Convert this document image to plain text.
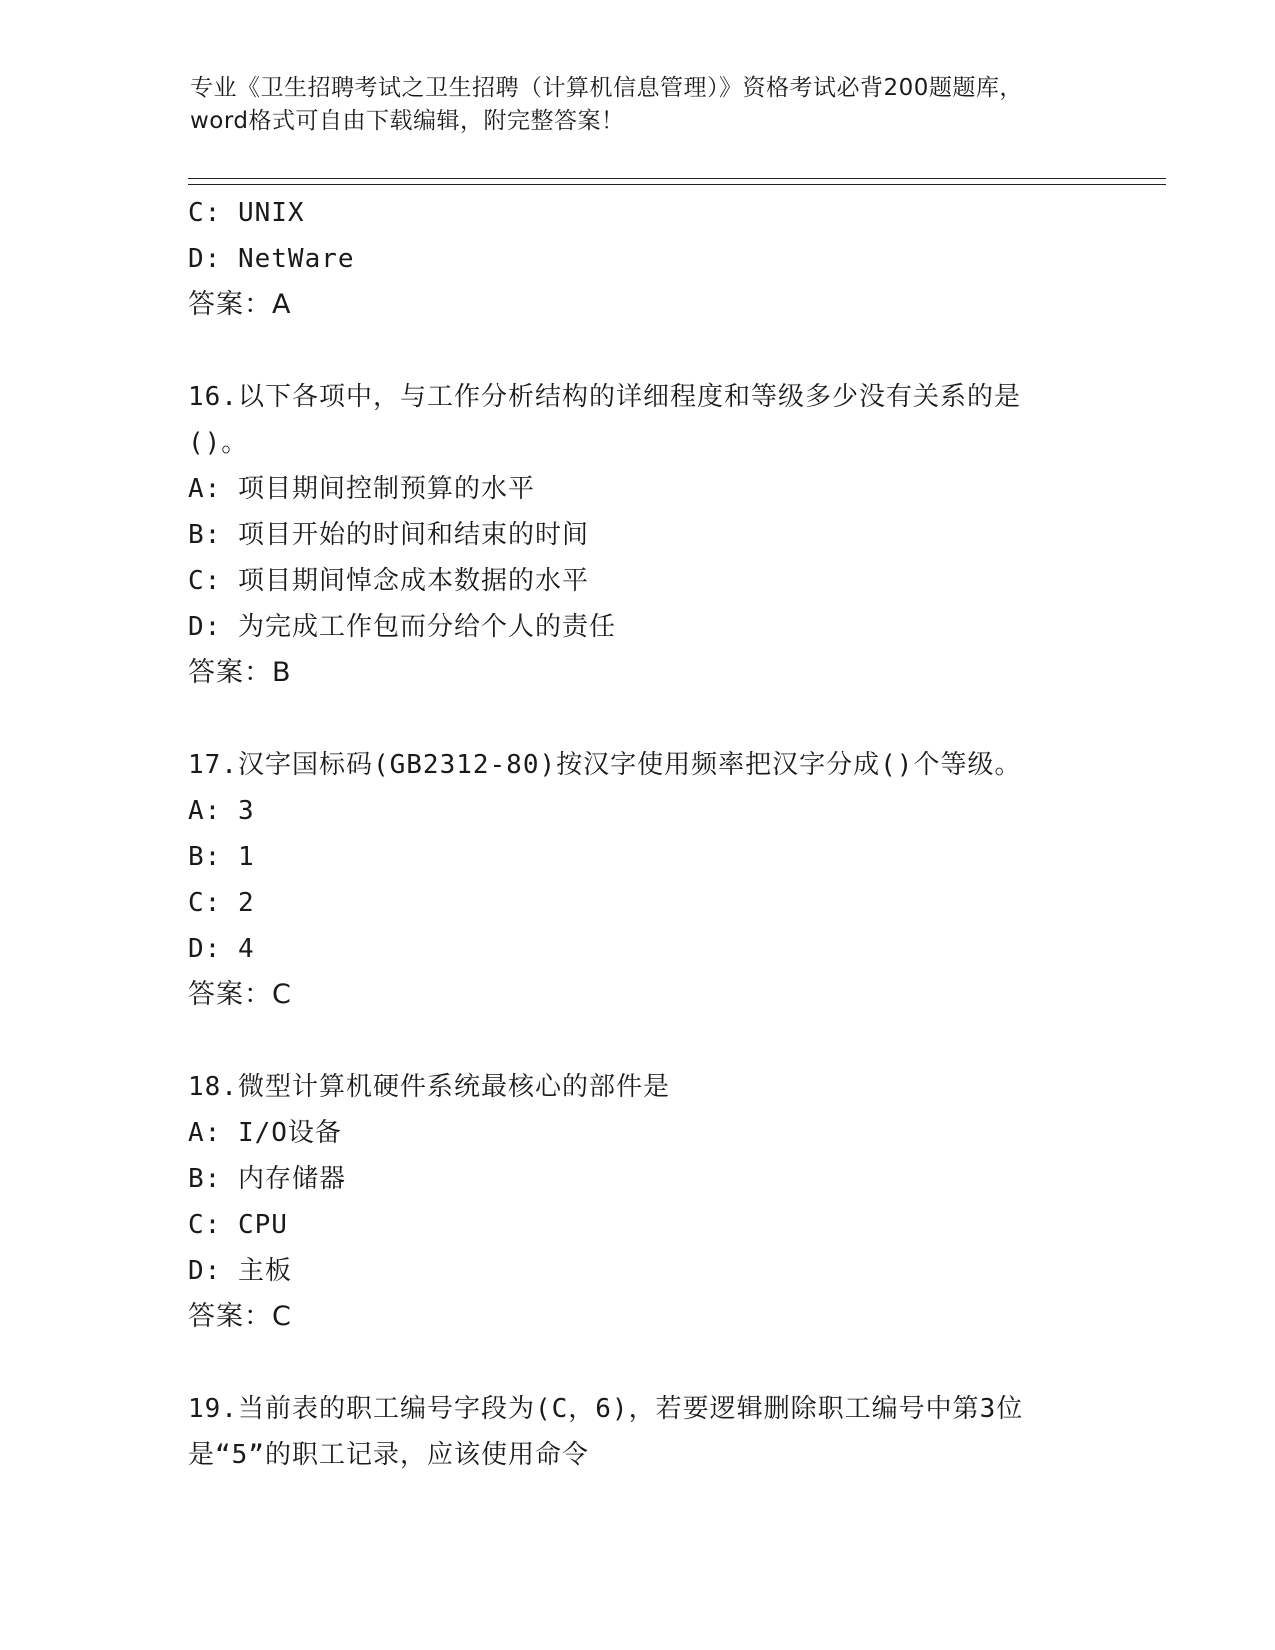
专业《卫生招聘考试之卫生招聘（计算机信息管理）》资格考试必背200题题库，
word格式可自由下载编辑，附完整答案！
C: UNIX
D: NetWare
答案：A
16.以下各项中，与工作分析结构的详细程度和等级多少没有关系的是
()。
A: 项目期间控制预算的水平
B: 项目开始的时间和结束的时间
C: 项目期间悼念成本数据的水平
D: 为完成工作包而分给个人的责任
答案：B
17.汉字国标码(GB2312-80)按汉字使用频率把汉字分成()个等级。
A: 3
B: 1
C: 2
D: 4
答案：C
18.微型计算机硬件系统最核心的部件是
A: I/O设备
B: 内存储器
C: CPU
D: 主板
答案：C
19.当前表的职工编号字段为(C，6)，若要逻辑删除职工编号中第3位
是“5”的职工记录，应该使用命令
